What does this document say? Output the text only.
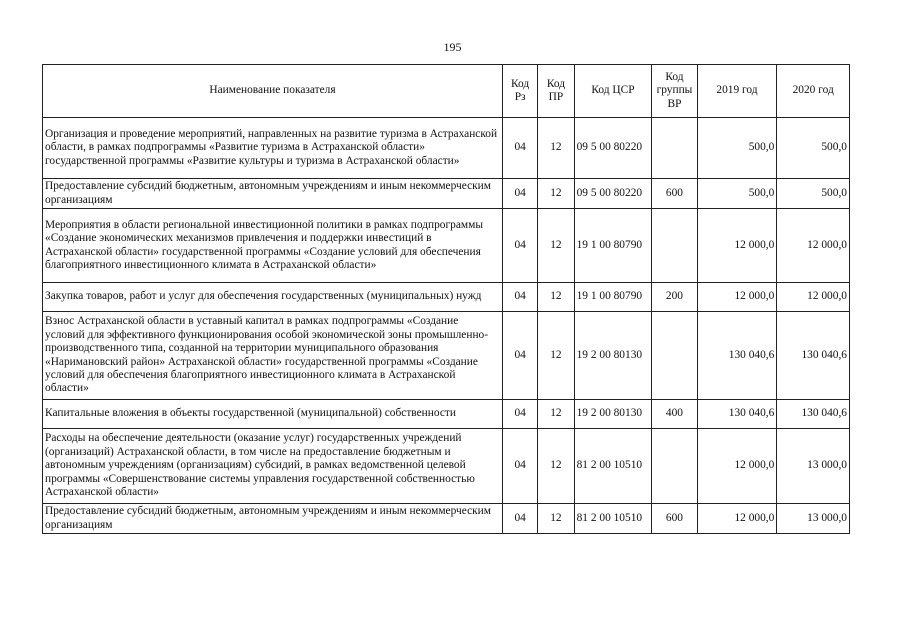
195
Наименование показателя	Код Рз	Код ПР	Код ЦСР	Код группы ВР	2019 год	2020 год
Организация и проведение мероприятий, направленных на развитие туризма в Астраханской области, в рамках подпрограммы «Развитие туризма в Астраханской области» государственной программы «Развитие культуры и туризма в Астраханской области»	04	12	09 5 00 80220		500,0	500,0
Предоставление субсидий бюджетным, автономным учреждениям и иным некоммерческим организациям	04	12	09 5 00 80220	600	500,0	500,0
Мероприятия в области региональной инвестиционной политики в рамках подпрограммы «Создание экономических механизмов привлечения и поддержки инвестиций в Астраханской области» государственной программы «Создание условий для обеспечения благоприятного инвестиционного климата в Астраханской области»	04	12	19 1 00 80790		12 000,0	12 000,0
Закупка товаров, работ и услуг для обеспечения государственных (муниципальных) нужд	04	12	19 1 00 80790	200	12 000,0	12 000,0
Взнос Астраханской области в уставный капитал в рамках подпрограммы «Создание условий для эффективного функционирования особой экономической зоны промышленно-производственного типа, созданной на территории муниципального образования «Наримановский район» Астраханской области» государственной программы «Создание условий для обеспечения благоприятного инвестиционного климата в Астраханской области»	04	12	19 2 00 80130		130 040,6	130 040,6
Капитальные вложения в объекты государственной (муниципальной) собственности	04	12	19 2 00 80130	400	130 040,6	130 040,6
Расходы на обеспечение деятельности (оказание услуг) государственных учреждений (организаций) Астраханской области, в том числе на предоставление бюджетным и автономным учреждениям (организациям) субсидий, в рамках ведомственной целевой программы «Совершенствование системы управления государственной собственностью Астраханской области»	04	12	81 2 00 10510		12 000,0	13 000,0
Предоставление субсидий бюджетным, автономным учреждениям и иным некоммерческим организациям	04	12	81 2 00 10510	600	12 000,0	13 000,0
